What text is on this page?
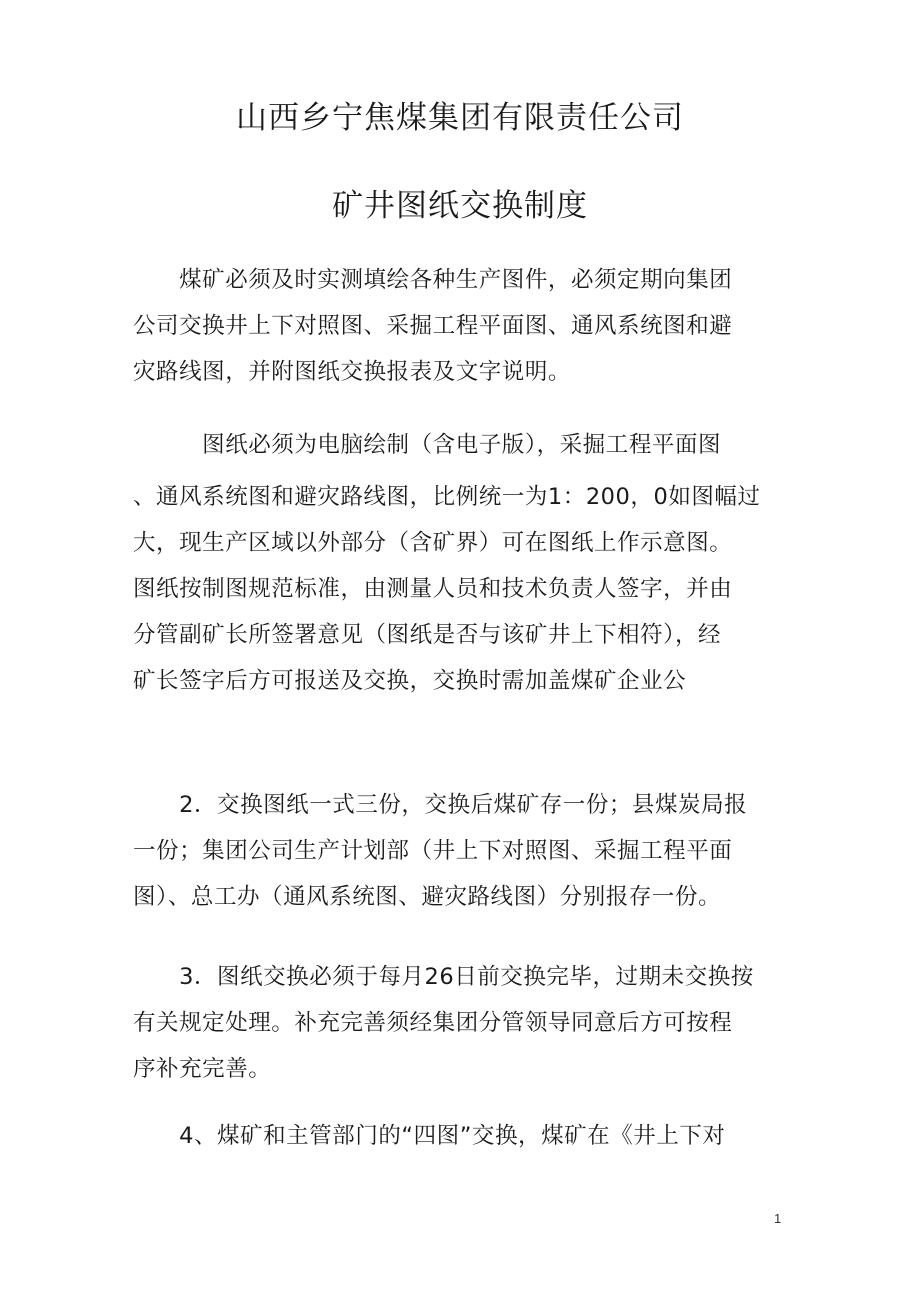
山西乡宁焦煤集团有限责任公司
矿井图纸交换制度
　　煤矿必须及时实测填绘各种生产图件，必须定期向集团
公司交换井上下对照图、采掘工程平面图、通风系统图和避
灾路线图，并附图纸交换报表及文字说明。
　　　图纸必须为电脑绘制（含电子版），采掘工程平面图
、通风系统图和避灾路线图，比例统一为1：200，0如图幅过
大，现生产区域以外部分（含矿界）可在图纸上作示意图。
图纸按制图规范标准，由测量人员和技术负责人签字，并由
分管副矿长所签署意见（图纸是否与该矿井上下相符），经
矿长签字后方可报送及交换，交换时需加盖煤矿企业公
　　2．交换图纸一式三份，交换后煤矿存一份；县煤炭局报
一份；集团公司生产计划部（井上下对照图、采掘工程平面
图）、总工办（通风系统图、避灾路线图）分别报存一份。
　　3．图纸交换必须于每月26日前交换完毕，过期未交换按
有关规定处理。补充完善须经集团分管领导同意后方可按程
序补充完善。
　　4、煤矿和主管部门的“四图”交换，煤矿在《井上下对
1
